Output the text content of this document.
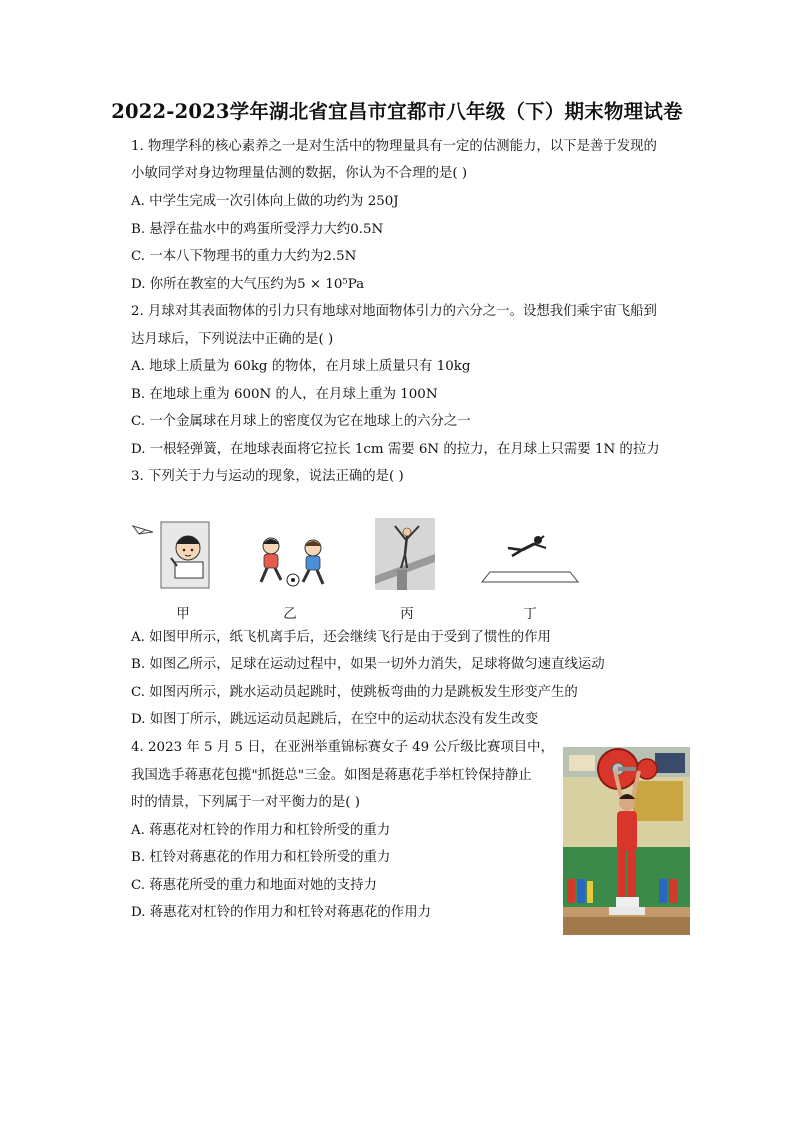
2022-2023学年湖北省宜昌市宜都市八年级（下）期末物理试卷
1. 物理学科的核心素养之一是对生活中的物理量具有一定的估测能力，以下是善于发现的
小敏同学对身边物理量估测的数据，你认为不合理的是( )
A. 中学生完成一次引体向上做的功约为 250J
B. 悬浮在盐水中的鸡蛋所受浮力大约0.5N
C. 一本八下物理书的重力大约为2.5N
D. 你所在教室的大气压约为5 × 10⁵Pa
2. 月球对其表面物体的引力只有地球对地面物体引力的六分之一。设想我们乘宇宙飞船到
达月球后，下列说法中正确的是( )
A. 地球上质量为 60kg 的物体，在月球上质量只有 10kg
B. 在地球上重为 600N 的人，在月球上重为 100N
C. 一个金属球在月球上的密度仅为它在地球上的六分之一
D. 一根轻弹簧，在地球表面将它拉长 1cm 需要 6N 的拉力，在月球上只需要 1N 的拉力
3. 下列关于力与运动的现象，说法正确的是( )
甲	乙	丙	丁
A. 如图甲所示，纸飞机离手后，还会继续飞行是由于受到了惯性的作用
B. 如图乙所示，足球在运动过程中，如果一切外力消失，足球将做匀速直线运动
C. 如图丙所示，跳水运动员起跳时，使跳板弯曲的力是跳板发生形变产生的
D. 如图丁所示，跳远运动员起跳后，在空中的运动状态没有发生改变
4. 2023 年 5 月 5 日，在亚洲举重锦标赛女子 49 公斤级比赛项目中，
我国选手蒋惠花包揽"抓挺总"三金。如图是蒋惠花手举杠铃保持静止
时的情景，下列属于一对平衡力的是( )
A. 蒋惠花对杠铃的作用力和杠铃所受的重力
B. 杠铃对蒋惠花的作用力和杠铃所受的重力
C. 蒋惠花所受的重力和地面对她的支持力
D. 蒋惠花对杠铃的作用力和杠铃对蒋惠花的作用力
